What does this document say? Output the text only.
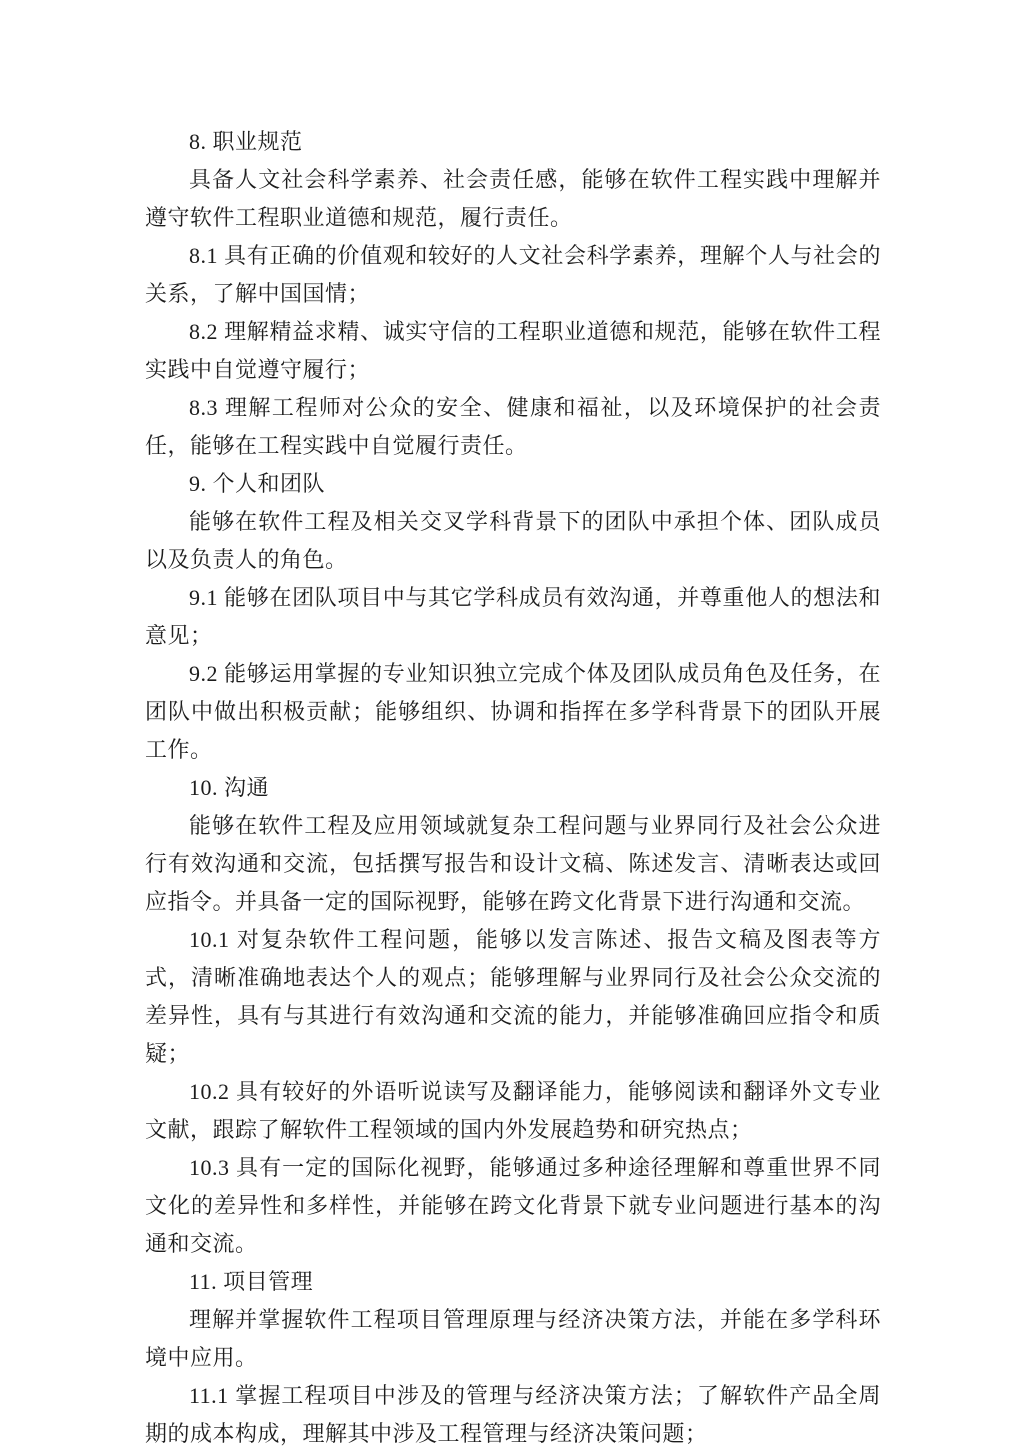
8. 职业规范

具备人文社会科学素养、社会责任感，能够在软件工程实践中理解并遵守软件工程职业道德和规范，履行责任。

8.1 具有正确的价值观和较好的人文社会科学素养，理解个人与社会的关系，了解中国国情；

8.2 理解精益求精、诚实守信的工程职业道德和规范，能够在软件工程实践中自觉遵守履行；

8.3 理解工程师对公众的安全、健康和福祉，以及环境保护的社会责任，能够在工程实践中自觉履行责任。

9. 个人和团队

能够在软件工程及相关交叉学科背景下的团队中承担个体、团队成员以及负责人的角色。

9.1 能够在团队项目中与其它学科成员有效沟通，并尊重他人的想法和意见；

9.2 能够运用掌握的专业知识独立完成个体及团队成员角色及任务，在团队中做出积极贡献；能够组织、协调和指挥在多学科背景下的团队开展工作。

10. 沟通

能够在软件工程及应用领域就复杂工程问题与业界同行及社会公众进行有效沟通和交流，包括撰写报告和设计文稿、陈述发言、清晰表达或回应指令。并具备一定的国际视野，能够在跨文化背景下进行沟通和交流。

10.1 对复杂软件工程问题，能够以发言陈述、报告文稿及图表等方式，清晰准确地表达个人的观点；能够理解与业界同行及社会公众交流的差异性，具有与其进行有效沟通和交流的能力，并能够准确回应指令和质疑；

10.2 具有较好的外语听说读写及翻译能力，能够阅读和翻译外文专业文献，跟踪了解软件工程领域的国内外发展趋势和研究热点；

10.3 具有一定的国际化视野，能够通过多种途径理解和尊重世界不同文化的差异性和多样性，并能够在跨文化背景下就专业问题进行基本的沟通和交流。

11. 项目管理

理解并掌握软件工程项目管理原理与经济决策方法，并能在多学科环境中应用。

11.1 掌握工程项目中涉及的管理与经济决策方法；了解软件产品全周期的成本构成，理解其中涉及工程管理与经济决策问题；
